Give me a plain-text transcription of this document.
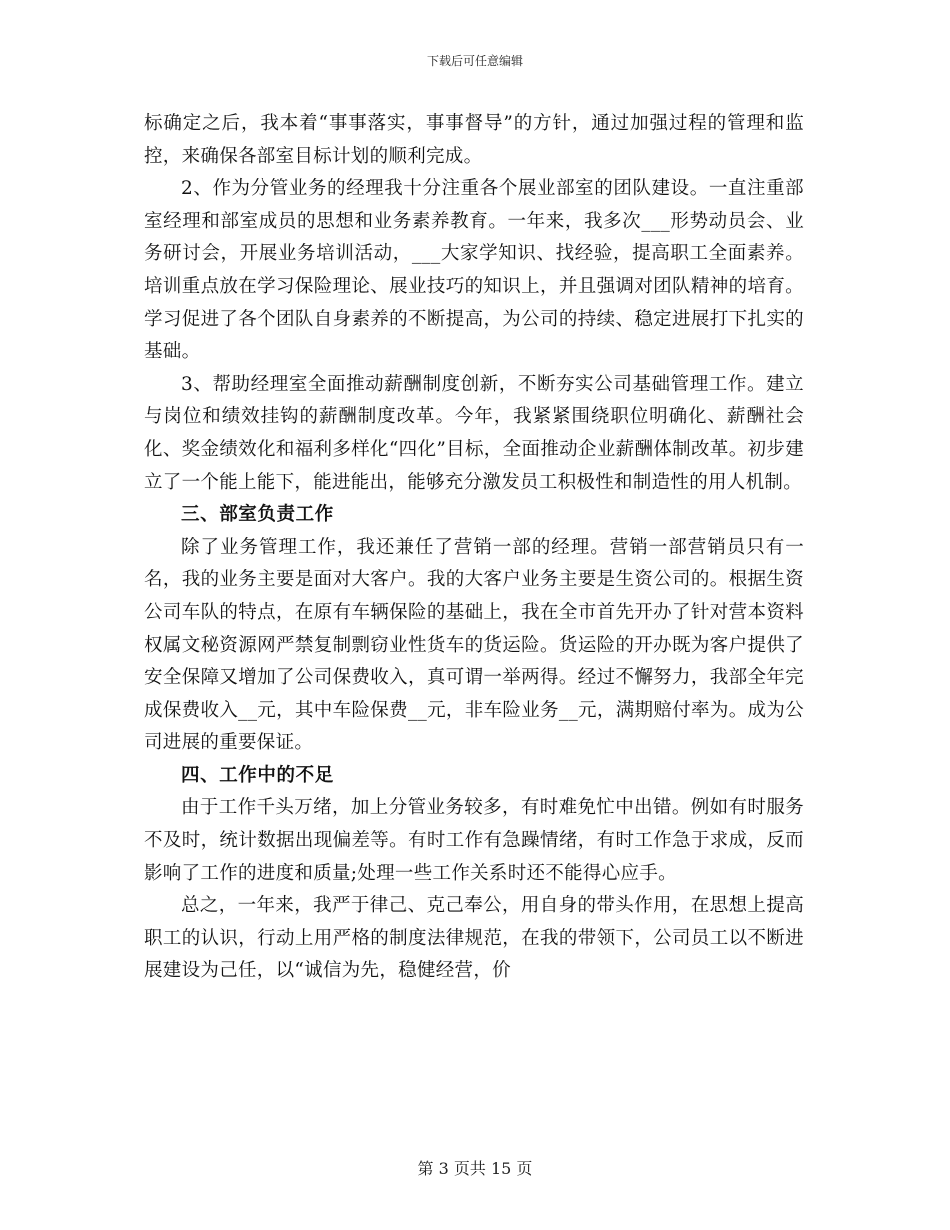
下载后可任意编辑

标确定之后，我本着“事事落实，事事督导”的方针，通过加强过程的管理和监控，来确保各部室目标计划的顺利完成。

2、作为分管业务的经理我十分注重各个展业部室的团队建设。一直注重部室经理和部室成员的思想和业务素养教育。一年来，我多次___形势动员会、业务研讨会，开展业务培训活动，___大家学知识、找经验，提高职工全面素养。培训重点放在学习保险理论、展业技巧的知识上，并且强调对团队精神的培育。学习促进了各个团队自身素养的不断提高，为公司的持续、稳定进展打下扎实的基础。

3、帮助经理室全面推动薪酬制度创新，不断夯实公司基础管理工作。建立与岗位和绩效挂钩的薪酬制度改革。今年，我紧紧围绕职位明确化、薪酬社会化、奖金绩效化和福利多样化“四化”目标，全面推动企业薪酬体制改革。初步建立了一个能上能下，能进能出，能够充分激发员工积极性和制造性的用人机制。

三、部室负责工作

除了业务管理工作，我还兼任了营销一部的经理。营销一部营销员只有一名，我的业务主要是面对大客户。我的大客户业务主要是生资公司的。根据生资公司车队的特点，在原有车辆保险的基础上，我在全市首先开办了针对营本资料权属文秘资源网严禁复制剽窃业性货车的货运险。货运险的开办既为客户提供了安全保障又增加了公司保费收入，真可谓一举两得。经过不懈努力，我部全年完成保费收入__元，其中车险保费__元，非车险业务__元，满期赔付率为。成为公司进展的重要保证。

四、工作中的不足

由于工作千头万绪，加上分管业务较多，有时难免忙中出错。例如有时服务不及时，统计数据出现偏差等。有时工作有急躁情绪，有时工作急于求成，反而影响了工作的进度和质量;处理一些工作关系时还不能得心应手。

总之，一年来，我严于律己、克己奉公，用自身的带头作用，在思想上提高职工的认识，行动上用严格的制度法律规范，在我的带领下，公司员工以不断进展建设为己任，以“诚信为先，稳健经营，价

第 3 页共 15 页
